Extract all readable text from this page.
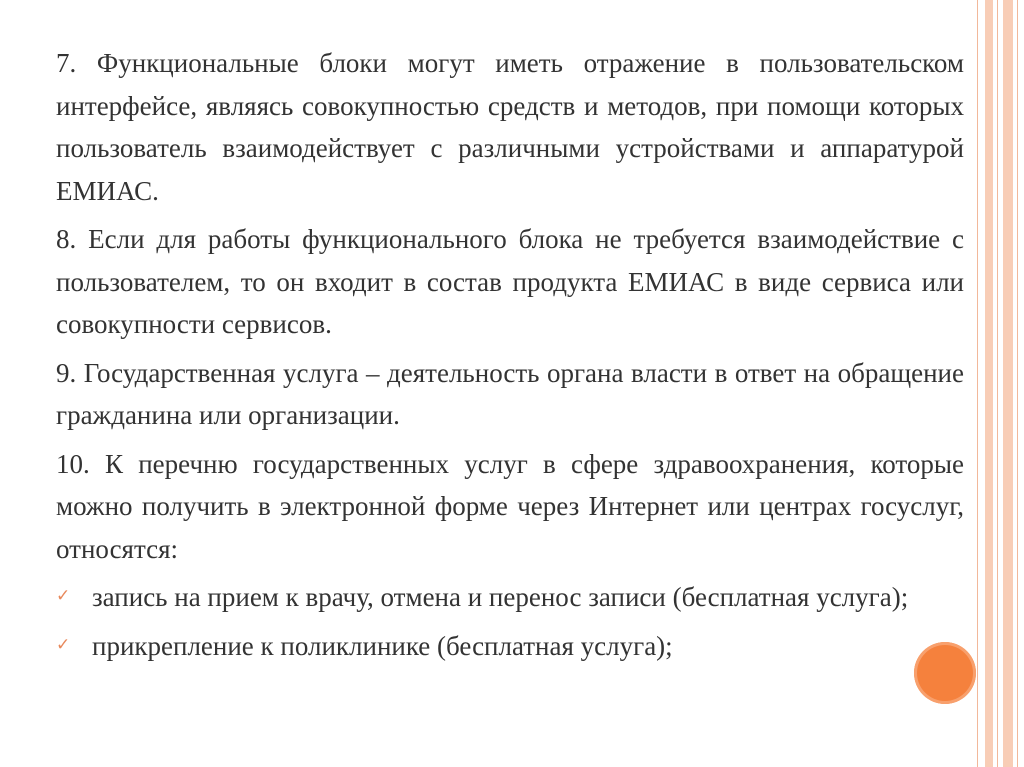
7. Функциональные блоки могут иметь отражение в пользовательском интерфейсе, являясь совокупностью средств и методов, при помощи которых пользователь взаимодействует с различными устройствами и аппаратурой ЕМИАС.

8. Если для работы функционального блока не требуется взаимодействие с пользователем, то он входит в состав продукта ЕМИАС в виде сервиса или совокупности сервисов.

9. Государственная услуга – деятельность органа власти в ответ на обращение гражданина или организации.

10. К перечню государственных услуг в сфере здравоохранения, которые можно получить в электронной форме через Интернет или центрах госуслуг, относятся:

✓ запись на прием к врачу, отмена и перенос записи (бесплатная услуга);
✓ прикрепление к поликлинике (бесплатная услуга);
